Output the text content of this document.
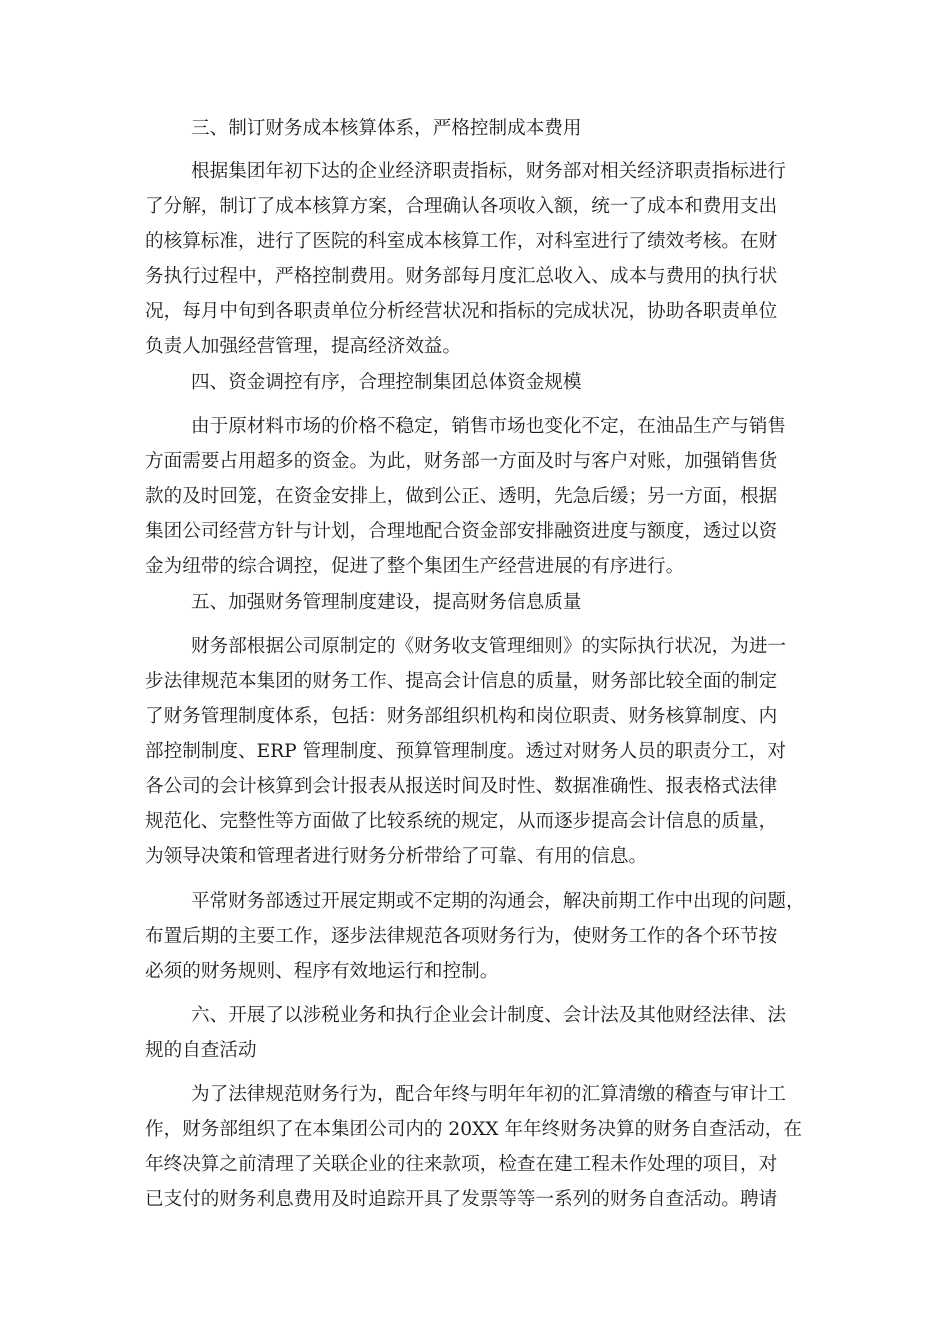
三、制订财务成本核算体系，严格控制成本费用
根据集团年初下达的企业经济职责指标，财务部对相关经济职责指标进行
了分解，制订了成本核算方案，合理确认各项收入额，统一了成本和费用支出
的核算标准，进行了医院的科室成本核算工作，对科室进行了绩效考核。在财
务执行过程中，严格控制费用。财务部每月度汇总收入、成本与费用的执行状
况，每月中旬到各职责单位分析经营状况和指标的完成状况，协助各职责单位
负责人加强经营管理，提高经济效益。
四、资金调控有序，合理控制集团总体资金规模
由于原材料市场的价格不稳定，销售市场也变化不定，在油品生产与销售
方面需要占用超多的资金。为此，财务部一方面及时与客户对账，加强销售货
款的及时回笼，在资金安排上，做到公正、透明，先急后缓；另一方面，根据
集团公司经营方针与计划，合理地配合资金部安排融资进度与额度，透过以资
金为纽带的综合调控，促进了整个集团生产经营进展的有序进行。
五、加强财务管理制度建设，提高财务信息质量
财务部根据公司原制定的《财务收支管理细则》的实际执行状况，为进一
步法律规范本集团的财务工作、提高会计信息的质量，财务部比较全面的制定
了财务管理制度体系，包括：财务部组织机构和岗位职责、财务核算制度、内
部控制制度、ERP 管理制度、预算管理制度。透过对财务人员的职责分工，对
各公司的会计核算到会计报表从报送时间及时性、数据准确性、报表格式法律
规范化、完整性等方面做了比较系统的规定，从而逐步提高会计信息的质量，
为领导决策和管理者进行财务分析带给了可靠、有用的信息。
平常财务部透过开展定期或不定期的沟通会，解决前期工作中出现的问题，
布置后期的主要工作，逐步法律规范各项财务行为，使财务工作的各个环节按
必须的财务规则、程序有效地运行和控制。
六、开展了以涉税业务和执行企业会计制度、会计法及其他财经法律、法
规的自查活动
为了法律规范财务行为，配合年终与明年年初的汇算清缴的稽查与审计工
作，财务部组织了在本集团公司内的 20XX 年年终财务决算的财务自查活动，在
年终决算之前清理了关联企业的往来款项，检查在建工程未作处理的项目，对
已支付的财务利息费用及时追踪开具了发票等等一系列的财务自查活动。聘请
